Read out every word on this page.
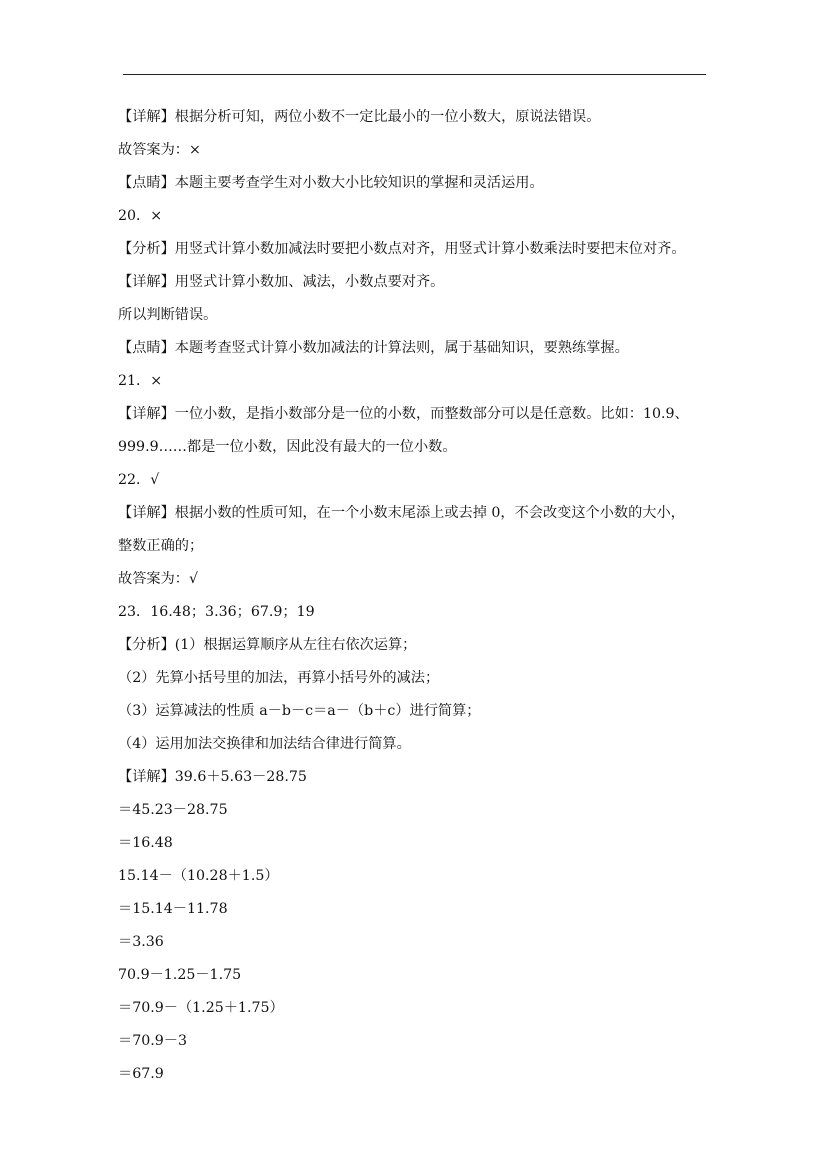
【详解】根据分析可知，两位小数不一定比最小的一位小数大，原说法错误。
故答案为：×
【点睛】本题主要考查学生对小数大小比较知识的掌握和灵活运用。
20．×
【分析】用竖式计算小数加减法时要把小数点对齐，用竖式计算小数乘法时要把末位对齐。
【详解】用竖式计算小数加、减法，小数点要对齐。
所以判断错误。
【点睛】本题考查竖式计算小数加减法的计算法则，属于基础知识，要熟练掌握。
21．×
【详解】一位小数，是指小数部分是一位的小数，而整数部分可以是任意数。比如：10.9、
999.9……都是一位小数，因此没有最大的一位小数。
22．√
【详解】根据小数的性质可知，在一个小数末尾添上或去掉 0，不会改变这个小数的大小，
整数正确的；
故答案为：√
23．16.48；3.36；67.9；19
【分析】(1）根据运算顺序从左往右依次运算；
（2）先算小括号里的加法，再算小括号外的减法；
（3）运算减法的性质 a－b－c＝a－（b＋c）进行简算；
（4）运用加法交换律和加法结合律进行简算。
【详解】39.6＋5.63－28.75
＝45.23－28.75
＝16.48
15.14－（10.28＋1.5）
＝15.14－11.78
＝3.36
70.9－1.25－1.75
＝70.9－（1.25＋1.75）
＝70.9－3
＝67.9
